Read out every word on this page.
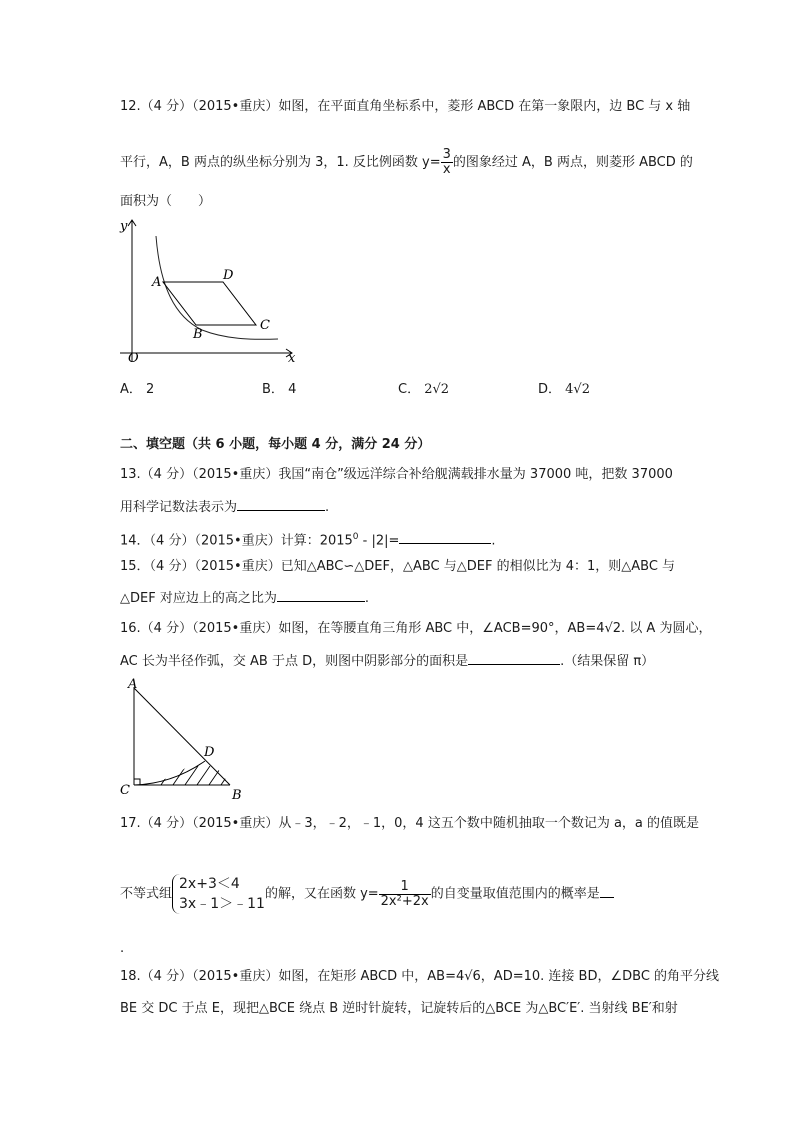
12.（4 分）（2015•重庆）如图，在平面直角坐标系中，菱形 ABCD 在第一象限内，边 BC 与 x 轴
平行，A，B 两点的纵坐标分别为 3，1. 反比例函数 $y= \frac{3}{x}$ 的图象经过 A，B 两点，则菱形 ABCD 的
面积为（　　）
y
x
O
A
B
C
D
A． 2	B． 4	C． 2√2	D． 4√2
二、填空题（共 6 小题，每小题 4 分，满分 24 分）
13.（4 分）（2015•重庆）我国“南仓”级远洋综合补给舰满载排水量为 37000 吨，把数 37000
用科学记数法表示为	.
14．（4 分）（2015•重庆）计算：2015$^0$ - |2|=	.
15．（4 分）（2015•重庆）已知△ABC∽△DEF，△ABC 与△DEF 的相似比为 4：1，则△ABC 与
△DEF 对应边上的高之比为	.
16.（4 分）（2015•重庆）如图，在等腰直角三角形 ABC 中，∠ACB=90°，AB=4√2. 以 A 为圆心，
AC 长为半径作弧，交 AB 于点 D，则图中阴影部分的面积是	.（结果保留 π）
A
C	B
D
17.（4 分）（2015•重庆）从﹣3，﹣2，﹣1，0，4 这五个数中随机抽取一个数记为 a，a 的值既是
不等式组
2x+3＜4
3x﹣1＞﹣11
的解，又在函数 $y= \frac{1}{\text{2x²+2x}}$ 的自变量取值范围内的概率是
.
18.（4 分）（2015•重庆）如图，在矩形 ABCD 中，AB=4√6，AD=10. 连接 BD，∠DBC 的角平分线
BE 交 DC 于点 E，现把△BCE 绕点 B 逆时针旋转，记旋转后的△BCE 为△BC′E′. 当射线 BE′和射
